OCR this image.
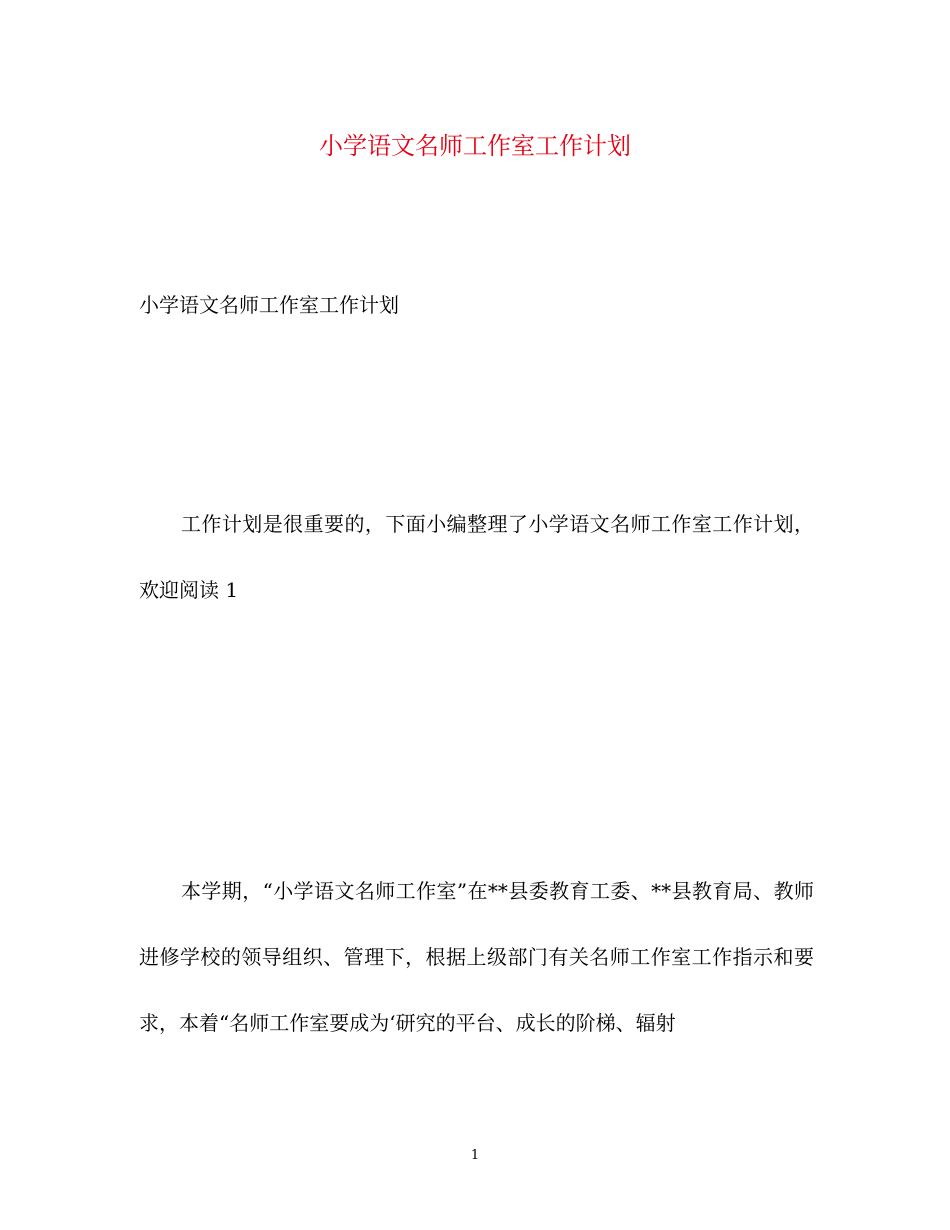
小学语文名师工作室工作计划
小学语文名师工作室工作计划

工作计划是很重要的，下面小编整理了小学语文名师工作室工作计划，欢迎阅读 1

本学期，“小学语文名师工作室”在**县委教育工委、**县教育局、教师进修学校的领导组织、管理下，根据上级部门有关名师工作室工作指示和要求，本着“名师工作室要成为‘研究的平台、成长的阶梯、辐射

1
